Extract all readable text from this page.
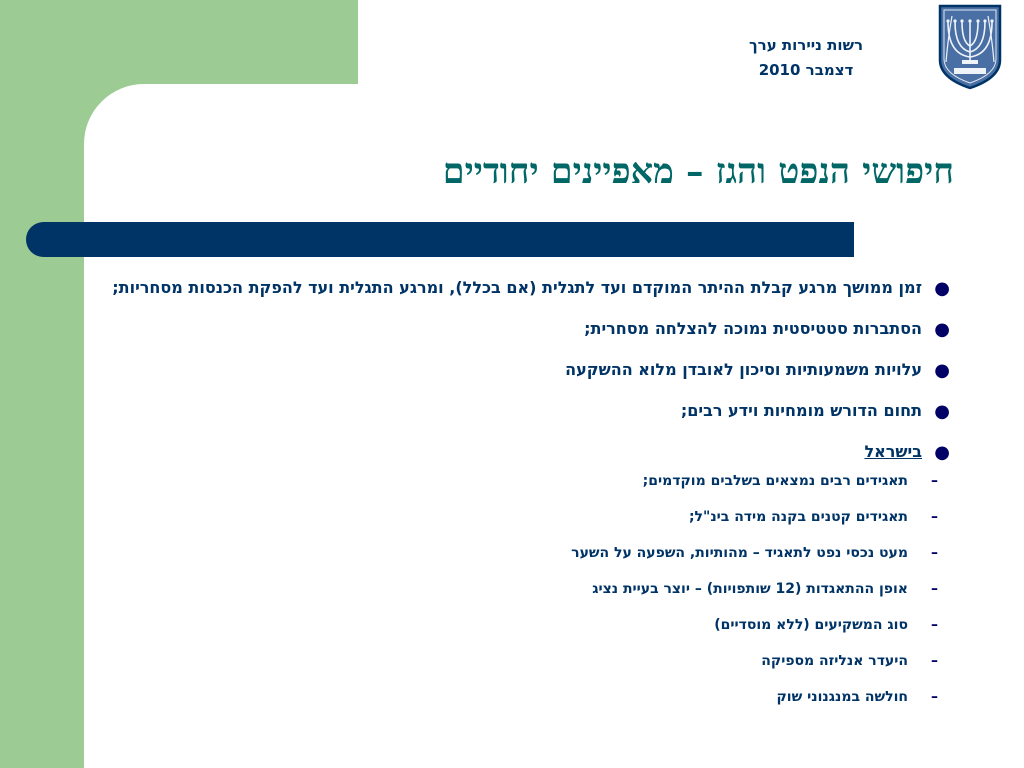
רשות ניירות ערך
דצמבר 2010
חיפושי הנפט והגז – מאפיינים יחודיים
●
זמן ממושך מרגע קבלת ההיתר המוקדם ועד לתגלית (אם בכלל), ומרגע התגלית ועד להפקת הכנסות מסחריות;
●
הסתברות סטטיסטית נמוכה להצלחה מסחרית;
●
עלויות משמעותיות וסיכון לאובדן מלוא ההשקעה
●
תחום הדורש מומחיות וידע רבים;
●
בישראל
–
תאגידים רבים נמצאים בשלבים מוקדמים;
–
תאגידים קטנים בקנה מידה בינ"ל;
–
מעט נכסי נפט לתאגיד – מהותיות, השפעה על השער
–
אופן ההתאגדות (12 שותפויות) – יוצר בעיית נציג
–
סוג המשקיעים (ללא מוסדיים)
–
היעדר אנליזה מספיקה
–
חולשה במנגנוני שוק
